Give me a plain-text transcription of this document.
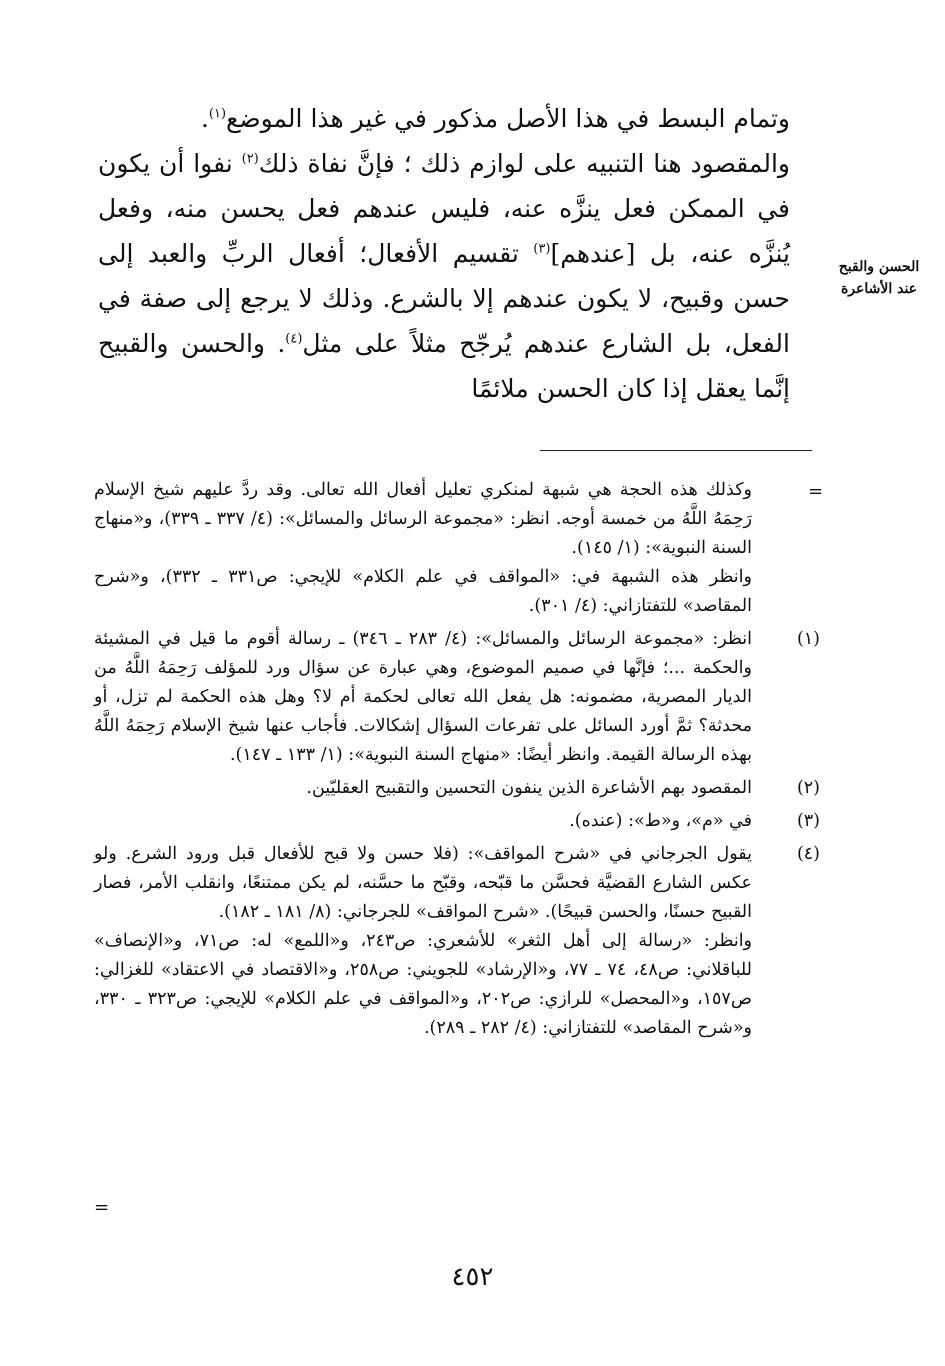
وتمام البسط في هذا الأصل مذكور في غير هذا الموضع$^{(١)}$.

والمقصود هنا التنبيه على لوازم ذلك ؛ فإنَّ نفاة ذلك$^{(٢)}$ نفوا أن يكون في الممكن فعل ينزَّه عنه، فليس عندهم فعل يحسن منه، وفعل يُنزَّه عنه، بل [عندهم]$^{(٣)}$ تقسيم الأفعال؛ أفعال الربِّ والعبد إلى حسن وقبيح، لا يكون عندهم إلا بالشرع. وذلك لا يرجع إلى صفة في الفعل، بل الشارع عندهم يُرجّح مثلاً على مثل$^{(٤)}$. والحسن والقبيح إنَّما يعقل إذا كان الحسن ملائمًا

الحسن والقبح
عند الأشاعرة
=

وكذلك هذه الحجة هي شبهة لمنكري تعليل أفعال الله تعالى. وقد ردَّ عليهم شيخ الإسلام رَحِمَهُ اللَّهُ من خمسة أوجه. انظر: «مجموعة الرسائل والمسائل»: (٤/ ٣٣٧ ـ ٣٣٩)، و«منهاج السنة النبوية»: (١/ ١٤٥).

وانظر هذه الشبهة في: «المواقف في علم الكلام» للإيجي: ص٣٣١ ـ ٣٣٢)، و«شرح المقاصد» للتفتازاني: (٤/ ٣٠١).

(١)

انظر: «مجموعة الرسائل والمسائل»: (٤/ ٢٨٣ ـ ٣٤٦) ـ رسالة أقوم ما قيل في المشيئة والحكمة ...؛ فإنَّها في صميم الموضوع، وهي عبارة عن سؤال ورد للمؤلف رَحِمَهُ اللَّهُ من الديار المصرية، مضمونه: هل يفعل الله تعالى لحكمة أم لا؟ وهل هذه الحكمة لم تزل، أو محدثة؟ ثمَّ أورد السائل على تفرعات السؤال إشكالات. فأجاب عنها شيخ الإسلام رَحِمَهُ اللَّهُ بهذه الرسالة القيمة. وانظر أيضًا: «منهاج السنة النبوية»: (١/ ١٣٣ ـ ١٤٧).

(٢)

المقصود بهم الأشاعرة الذين ينفون التحسين والتقبيح العقليّين.

(٣)

في «م»، و«ط»: (عنده).

(٤)

يقول الجرجاني في «شرح المواقف»: (فلا حسن ولا قبح للأفعال قبل ورود الشرع. ولو عكس الشارع القضيَّة فحسَّن ما قبّحه، وقبّح ما حسَّنه، لم يكن ممتنعًا، وانقلب الأمر، فصار القبيح حسنًا، والحسن قبيحًا). «شرح المواقف» للجرجاني: (٨/ ١٨١ ـ ١٨٢).

وانظر: «رسالة إلى أهل الثغر» للأشعري: ص٢٤٣، و«اللمع» له: ص٧١، و«الإنصاف» للباقلاني: ص٤٨، ٧٤ ـ ٧٧، و«الإرشاد» للجويني: ص٢٥٨، و«الاقتصاد في الاعتقاد» للغزالي: ص١٥٧، و«المحصل» للرازي: ص٢٠٢، و«المواقف في علم الكلام» للإيجي: ص٣٢٣ ـ ٣٣٠، و«شرح المقاصد» للتفتازاني: (٤/ ٢٨٢ ـ ٢٨٩).

=
٤٥٢
